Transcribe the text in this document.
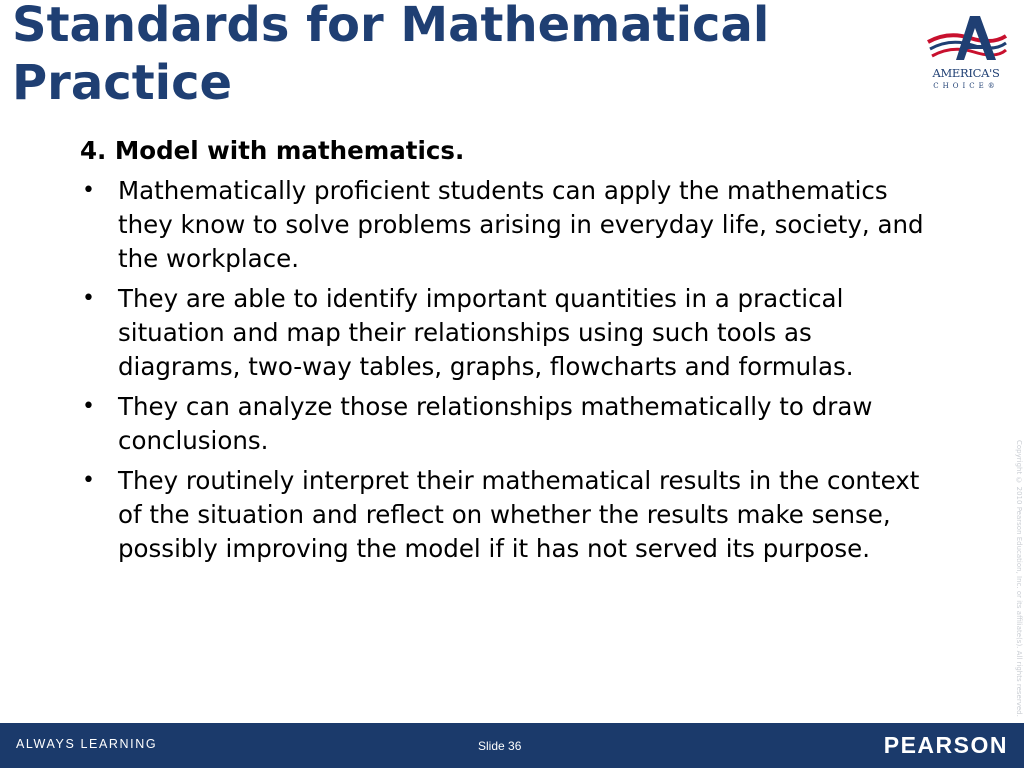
Standards for Mathematical Practice	AMERICA'S
CHOICE®

4. Model with mathematics.

• Mathematically proficient students can apply the mathematics they know to solve problems arising in everyday life, society, and the workplace.
• They are able to identify important quantities in a practical situation and map their relationships using such tools as diagrams, two-way tables, graphs, flowcharts and formulas.
• They can analyze those relationships mathematically to draw conclusions.
• They routinely interpret their mathematical results in the context of the situation and reflect on whether the results make sense, possibly improving the model if it has not served its purpose.	Copyright © 2010 Pearson Education, Inc. or its affiliate(s). All rights reserved.
ALWAYS LEARNING	Slide 36	PEARSON
